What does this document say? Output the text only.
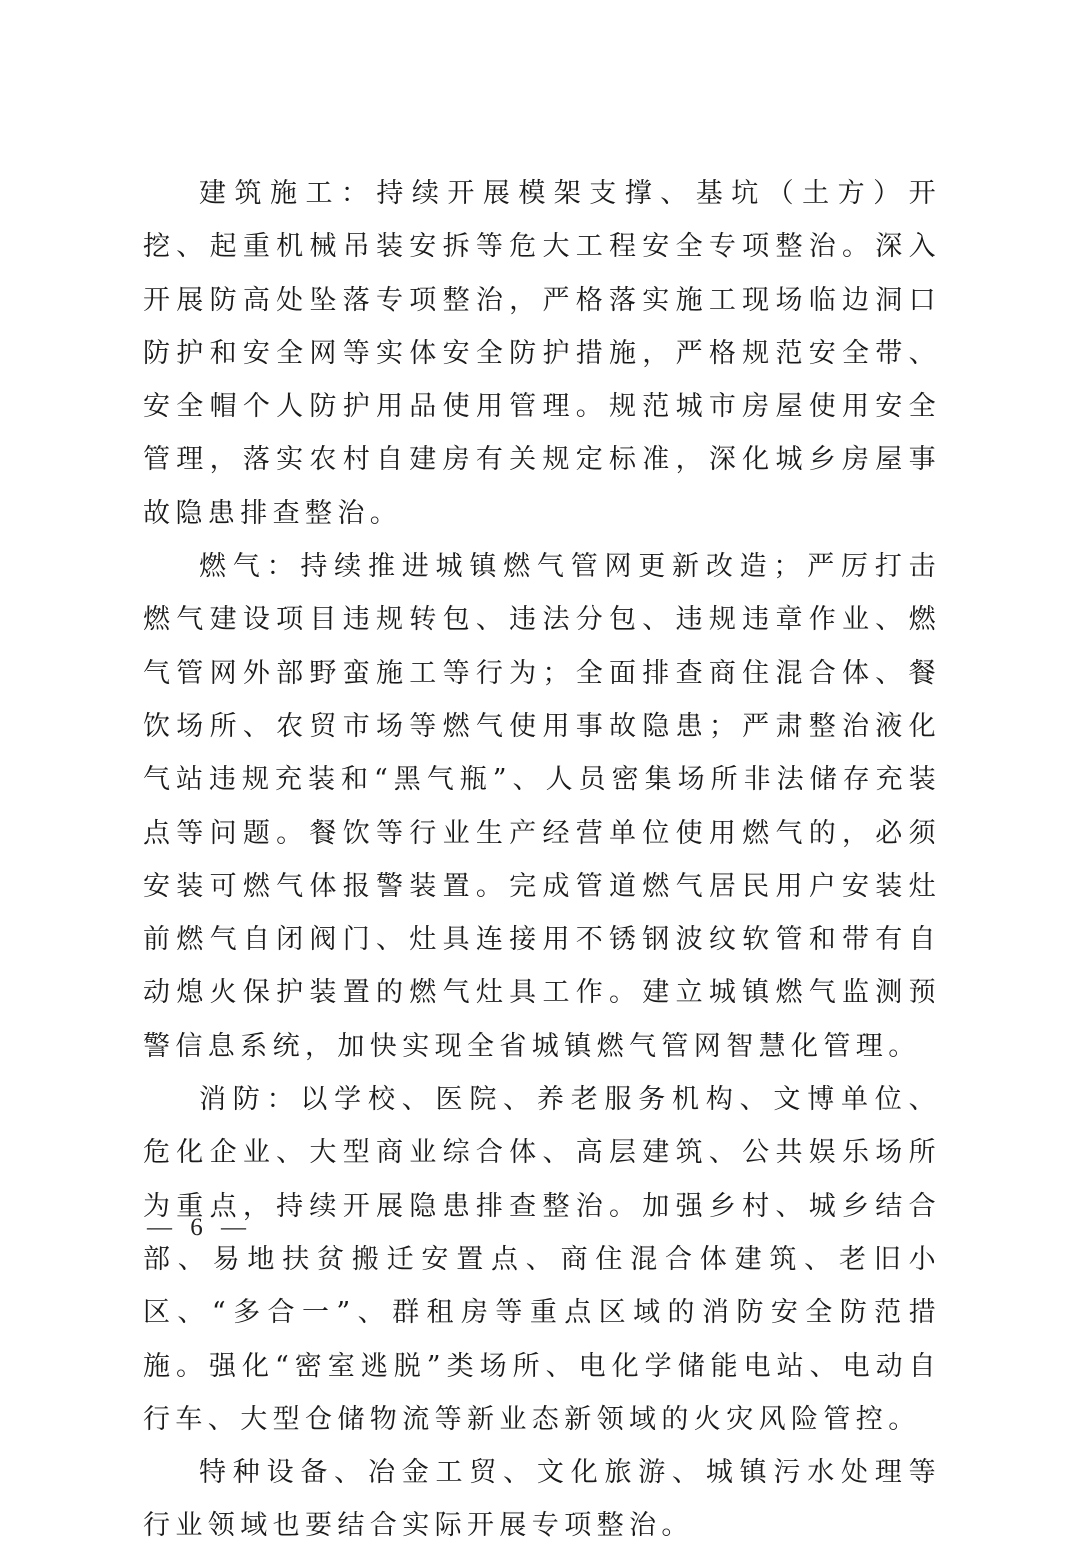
建筑施工：持续开展模架支撑、基坑（土方）开挖、起重机械吊装安拆等危大工程安全专项整治。深入开展防高处坠落专项整治，严格落实施工现场临边洞口防护和安全网等实体安全防护措施，严格规范安全带、安全帽个人防护用品使用管理。规范城市房屋使用安全管理，落实农村自建房有关规定标准，深化城乡房屋事故隐患排查整治。

燃气：持续推进城镇燃气管网更新改造；严厉打击燃气建设项目违规转包、违法分包、违规违章作业、燃气管网外部野蛮施工等行为；全面排查商住混合体、餐饮场所、农贸市场等燃气使用事故隐患；严肃整治液化气站违规充装和“黑气瓶”、人员密集场所非法储存充装点等问题。餐饮等行业生产经营单位使用燃气的，必须安装可燃气体报警装置。完成管道燃气居民用户安装灶前燃气自闭阀门、灶具连接用不锈钢波纹软管和带有自动熄火保护装置的燃气灶具工作。建立城镇燃气监测预警信息系统，加快实现全省城镇燃气管网智慧化管理。

消防：以学校、医院、养老服务机构、文博单位、危化企业、大型商业综合体、高层建筑、公共娱乐场所为重点，持续开展隐患排查整治。加强乡村、城乡结合部、易地扶贫搬迁安置点、商住混合体建筑、老旧小区、“多合一”、群租房等重点区域的消防安全防范措施。强化“密室逃脱”类场所、电化学储能电站、电动自行车、大型仓储物流等新业态新领域的火灾风险管控。

特种设备、冶金工贸、文化旅游、城镇污水处理等行业领域也要结合实际开展专项整治。

— 6 —
